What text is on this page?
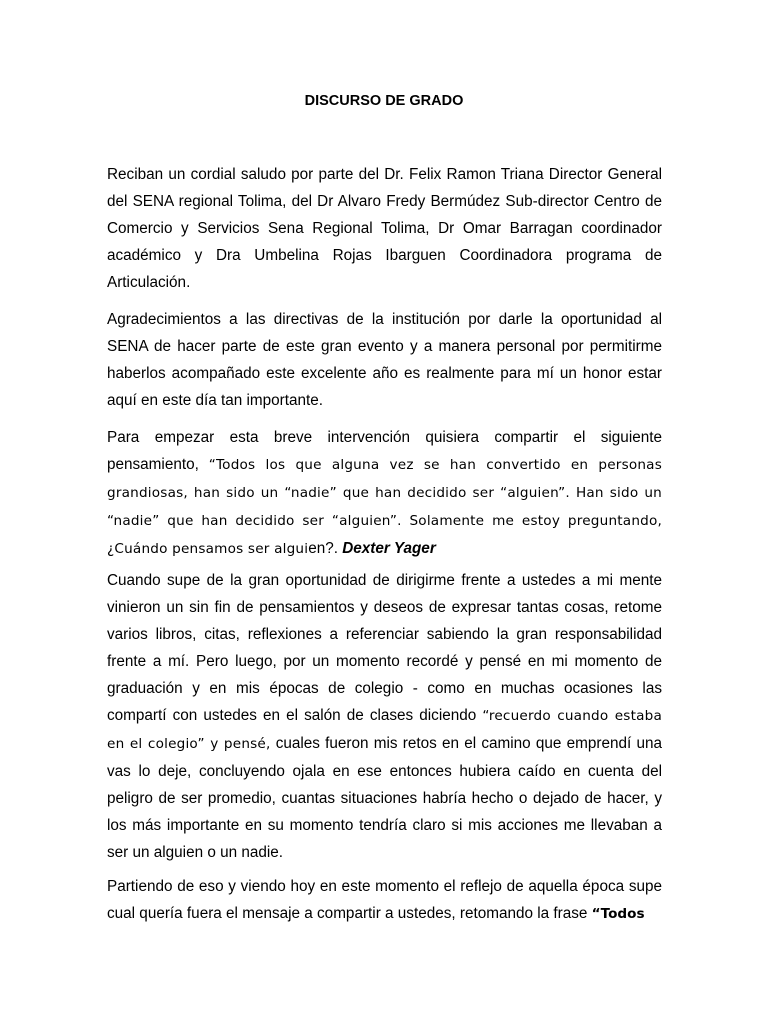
DISCURSO DE GRADO

Reciban un cordial saludo por parte del Dr. Felix Ramon Triana Director General del SENA regional Tolima, del Dr Alvaro Fredy Bermúdez Sub-director Centro de Comercio y Servicios Sena Regional Tolima, Dr Omar Barragan coordinador académico y Dra Umbelina Rojas Ibarguen Coordinadora programa de Articulación.

Agradecimientos a las directivas de la institución por darle la oportunidad al SENA de hacer parte de este gran evento y a manera personal por permitirme haberlos acompañado este excelente año es realmente para mí un honor estar aquí en este día tan importante.

Para empezar esta breve intervención quisiera compartir el siguiente pensamiento, “Todos los que alguna vez se han convertido en personas grandiosas, han sido un “nadie” que han decidido ser “alguien”. Han sido un “nadie” que han decidido ser “alguien”. Solamente me estoy preguntando, ¿Cuándo pensamos ser alguien?. Dexter Yager

Cuando supe de la gran oportunidad de dirigirme frente a ustedes a mi mente vinieron un sin fin de pensamientos y deseos de expresar tantas cosas, retome varios libros, citas, reflexiones a referenciar sabiendo la gran responsabilidad frente a mí. Pero luego, por un momento recordé y pensé en mi momento de graduación y en mis épocas de colegio - como en muchas ocasiones las compartí con ustedes en el salón de clases diciendo “recuerdo cuando estaba en el colegio” y pensé, cuales fueron mis retos en el camino que emprendí una vas lo deje, concluyendo ojala en ese entonces hubiera caído en cuenta del peligro de ser promedio, cuantas situaciones habría hecho o dejado de hacer, y los más importante en su momento tendría claro si mis acciones me llevaban a ser un alguien o un nadie.

Partiendo de eso y viendo hoy en este momento el reflejo de aquella época supe cual quería fuera el mensaje a compartir a ustedes, retomando la frase “Todos
